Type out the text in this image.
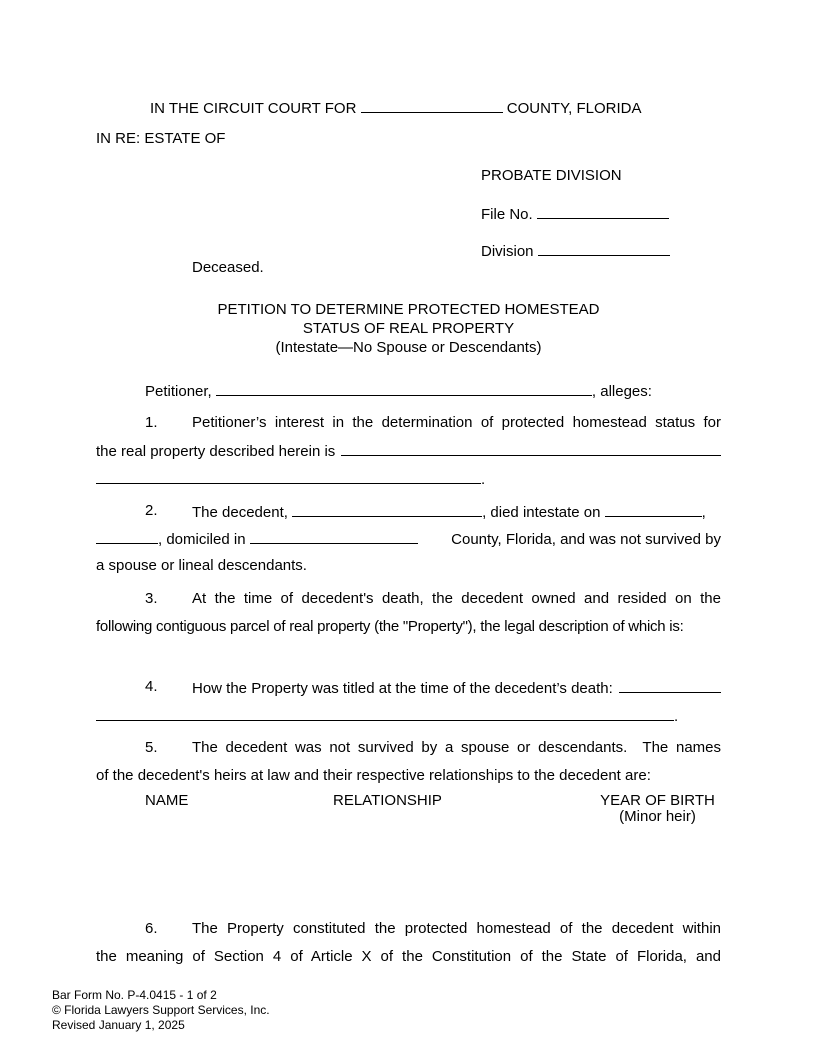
IN THE CIRCUIT COURT FOR	COUNTY, FLORIDA
IN RE: ESTATE OF
PROBATE DIVISION
File No.
Division
Deceased.
PETITION TO DETERMINE PROTECTED HOMESTEAD
STATUS OF REAL PROPERTY
(Intestate—No Spouse or Descendants)
Petitioner,	, alleges:
1. Petitioner’s interest in the determination of protected homestead status for
the real property described herein is
.
2. The decedent,	, died intestate on	,
, domiciled in	County, Florida, and was not survived by
a spouse or lineal descendants.
3. At the time of decedent's death, the decedent owned and resided on the
following contiguous parcel of real property (the "Property"), the legal description of which is:
4. How the Property was titled at the time of the decedent’s death:
.
5. The decedent was not survived by a spouse or descendants.  The names
of the decedent's heirs at law and their respective relationships to the decedent are:
NAME	RELATIONSHIP	YEAR OF BIRTH
(Minor heir)
6. The Property constituted the protected homestead of the decedent within
the meaning of Section 4 of Article X of the Constitution of the State of Florida, and
Bar Form No. P-4.0415 - 1 of 2
© Florida Lawyers Support Services, Inc.
Revised January 1, 2025
